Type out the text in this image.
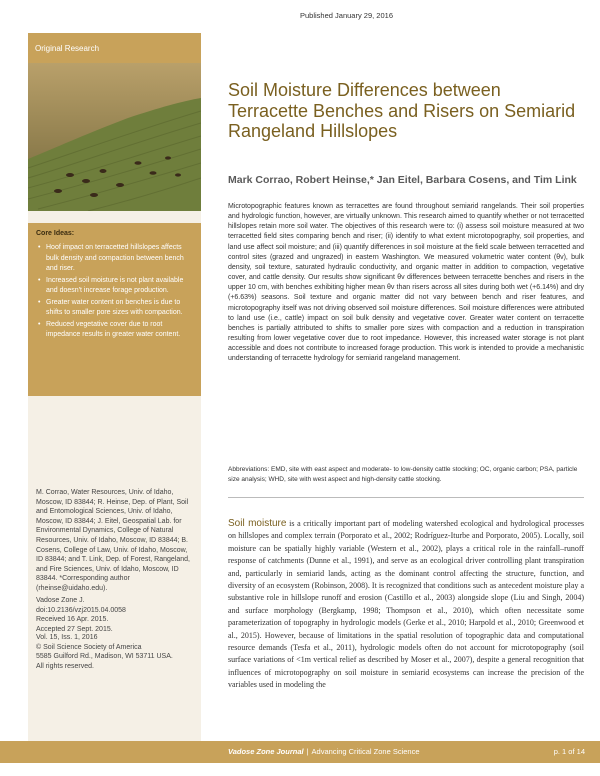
Published January 29, 2016
Original Research
Core Ideas:
• Hoof impact on terracetted hillslopes affects bulk density and compaction between bench and riser.
• Increased soil moisture is not plant available and doesn't increase forage production.
• Greater water content on benches is due to shifts to smaller pore sizes with compaction.
• Reduced vegetative cover due to root impedance results in greater water content.
M. Corrao, Water Resources, Univ. of Idaho, Moscow, ID 83844; R. Heinse, Dep. of Plant, Soil and Entomological Sciences, Univ. of Idaho, Moscow, ID 83844; J. Eitel, Geospatial Lab. for Environmental Dynamics, College of Natural Resources, Univ. of Idaho, Moscow, ID 83844; B. Cosens, College of Law, Univ. of Idaho, Moscow, ID 83844; and T. Link, Dep. of Forest, Rangeland, and Fire Sciences, Univ. of Idaho, Moscow, ID 83844. *Corresponding author (rheinse@uidaho.edu).
Vadose Zone J.
doi:10.2136/vzj2015.04.0058
Received 16 Apr. 2015.
Accepted 27 Sept. 2015.
Vol. 15, Iss. 1, 2016
© Soil Science Society of America
5585 Guilford Rd., Madison, WI 53711 USA.
All rights reserved.
Soil Moisture Differences between Terracette Benches and Risers on Semiarid Rangeland Hillslopes
Mark Corrao, Robert Heinse,* Jan Eitel, Barbara Cosens, and Tim Link
Microtopographic features known as terracettes are found throughout semiarid rangelands. Their soil properties and hydrologic function, however, are virtually unknown. This research aimed to quantify whether or not terracetted hillslopes retain more soil water. The objectives of this research were to: (i) assess soil moisture measured at two terracetted field sites comparing bench and riser; (ii) identify to what extent microtopography, soil properties, and land use affect soil moisture; and (iii) quantify differences in soil moisture at the field scale between terracetted and control sites (grazed and ungrazed) in eastern Washington. We measured volumetric water content (θv), bulk density, soil texture, saturated hydraulic conductivity, and organic matter in addition to compaction, vegetative cover, and cattle density. Our results show significant θv differences between terracette benches and risers in the upper 10 cm, with benches exhibiting higher mean θv than risers across all sites during both wet (+6.14%) and dry (+6.63%) seasons. Soil texture and organic matter did not vary between bench and riser features, and microtopography itself was not driving observed soil moisture differences. Soil moisture differences were attributed to land use (i.e., cattle) impact on soil bulk density and vegetative cover. Greater water content on terracette benches is partially attributed to shifts to smaller pore sizes with compaction and a reduction in transpiration resulting from lower vegetative cover due to root impedance. However, this increased water storage is not plant accessible and does not contribute to increased forage production. This work is intended to provide a mechanistic understanding of terracette hydrology for semiarid rangeland management.
Abbreviations: EMD, site with east aspect and moderate- to low-density cattle stocking; OC, organic carbon; PSA, particle size analysis; WHD, site with west aspect and high-density cattle stocking.
Soil moisture is a critically important part of modeling watershed ecological and hydrological processes on hillslopes and complex terrain (Porporato et al., 2002; Rodríguez-Iturbe and Porporato, 2005). Locally, soil moisture can be spatially highly variable (Western et al., 2002), plays a critical role in the rainfall–runoff response of catchments (Dunne et al., 1991), and serve as an ecological driver controlling plant transpiration and, particularly in semiarid lands, acting as the dominant control affecting the structure, function, and diversity of an ecosystem (Robinson, 2008). It is recognized that conditions such as antecedent moisture play a substantive role in hillslope runoff and erosion (Castillo et al., 2003) alongside slope (Liu and Singh, 2004) and surface morphology (Bergkamp, 1998; Thompson et al., 2010), which often necessitate some parameterization of topography in hydrologic models (Gerke et al., 2010; Harpold et al., 2010; Greenwood et al., 2015). However, because of limitations in the spatial resolution of topographic data and computational resource demands (Tesfa et al., 2011), hydrologic models often do not account for microtopography (soil surface variations of <1m vertical relief as described by Moser et al., 2007), despite a general recognition that influences of microtopography on soil moisture in semiarid ecosystems can increase the precision of the variables used in modeling the
Vadose Zone Journal | Advancing Critical Zone Science	p. 1 of 14
